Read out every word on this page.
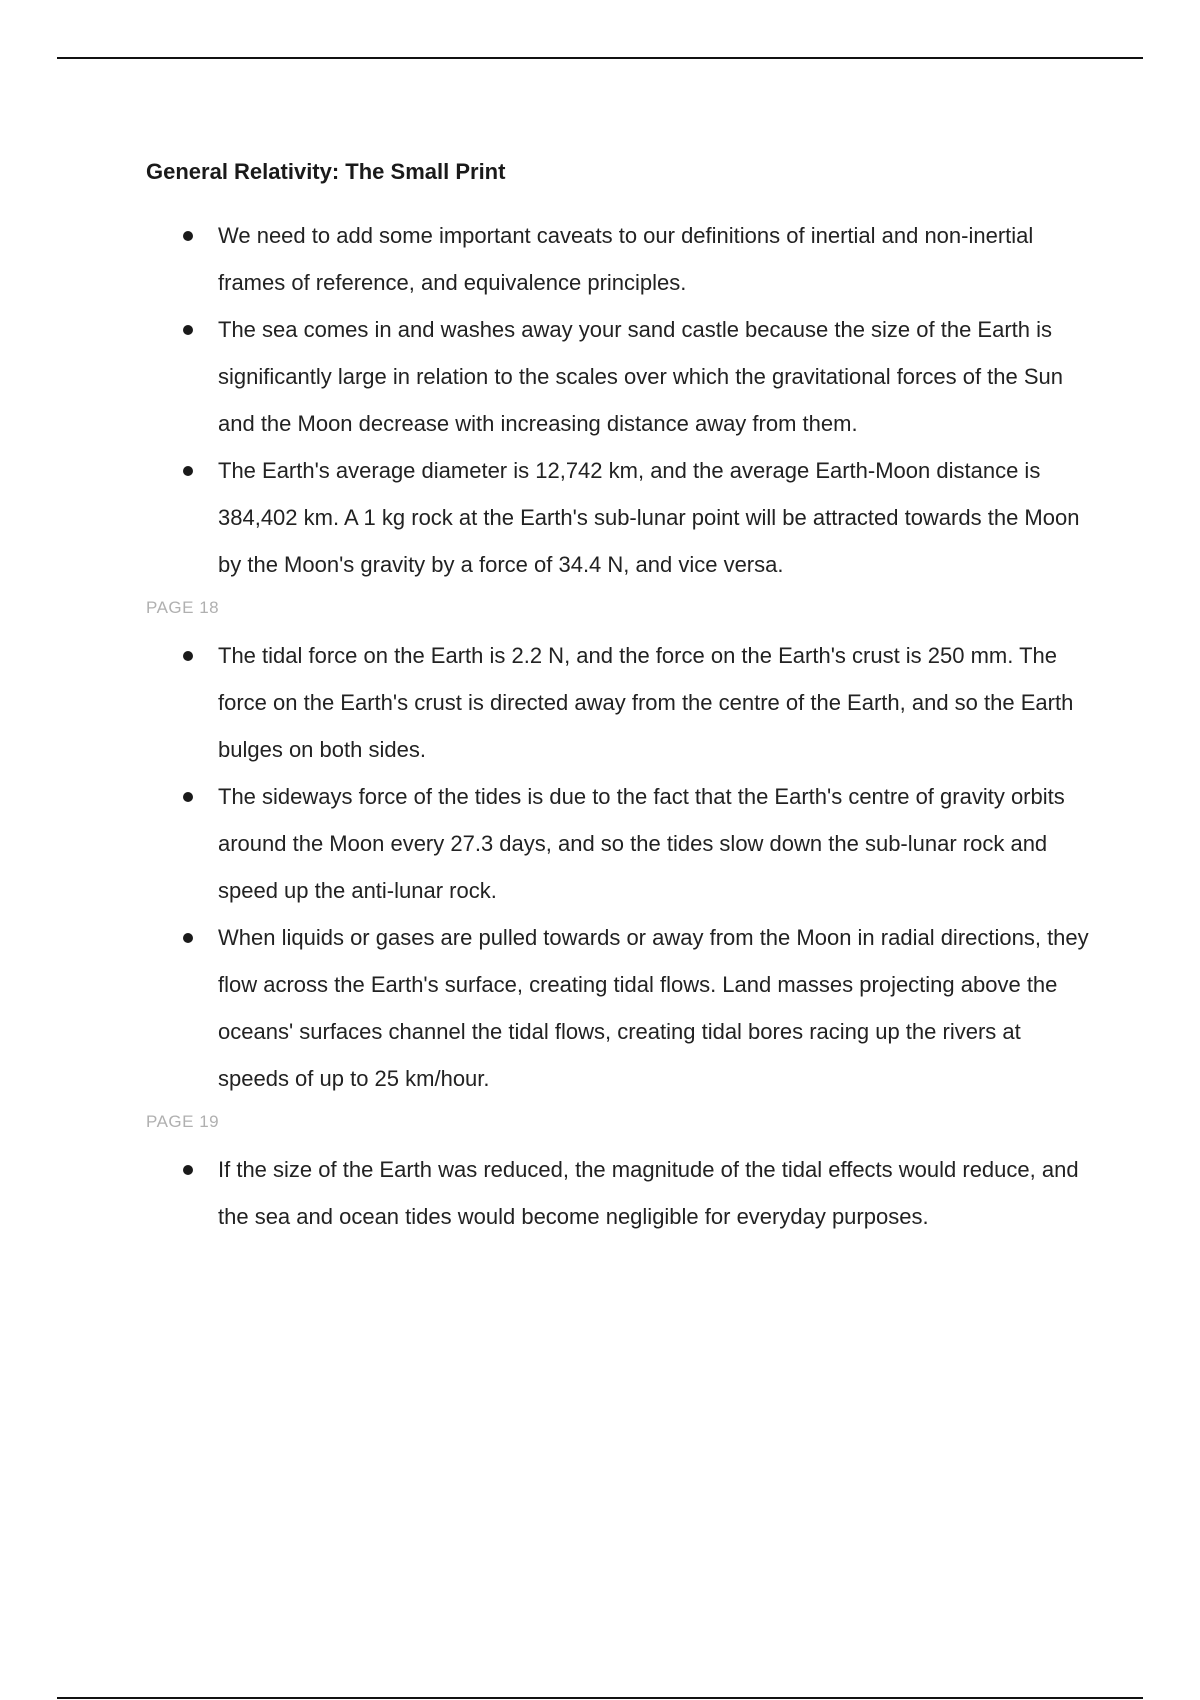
General Relativity: The Small Print
We need to add some important caveats to our definitions of inertial and non-inertial frames of reference, and equivalence principles.
The sea comes in and washes away your sand castle because the size of the Earth is significantly large in relation to the scales over which the gravitational forces of the Sun and the Moon decrease with increasing distance away from them.
The Earth's average diameter is 12,742 km, and the average Earth-Moon distance is 384,402 km. A 1 kg rock at the Earth's sub-lunar point will be attracted towards the Moon by the Moon's gravity by a force of 34.4 N, and vice versa.
PAGE 18
The tidal force on the Earth is 2.2 N, and the force on the Earth's crust is 250 mm. The force on the Earth's crust is directed away from the centre of the Earth, and so the Earth bulges on both sides.
The sideways force of the tides is due to the fact that the Earth's centre of gravity orbits around the Moon every 27.3 days, and so the tides slow down the sub-lunar rock and speed up the anti-lunar rock.
When liquids or gases are pulled towards or away from the Moon in radial directions, they flow across the Earth's surface, creating tidal flows. Land masses projecting above the oceans' surfaces channel the tidal flows, creating tidal bores racing up the rivers at speeds of up to 25 km/hour.
PAGE 19
If the size of the Earth was reduced, the magnitude of the tidal effects would reduce, and the sea and ocean tides would become negligible for everyday purposes.
